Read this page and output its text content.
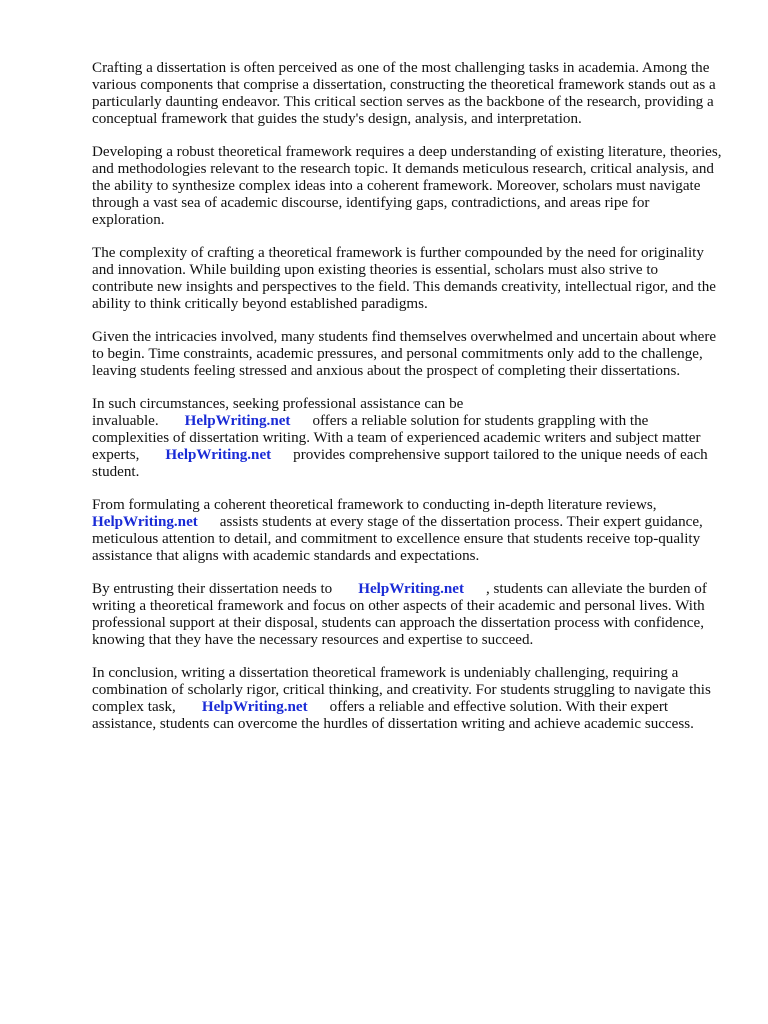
Crafting a dissertation is often perceived as one of the most challenging tasks in academia. Among the various components that comprise a dissertation, constructing the theoretical framework stands out as a particularly daunting endeavor. This critical section serves as the backbone of the research, providing a conceptual framework that guides the study's design, analysis, and interpretation.

Developing a robust theoretical framework requires a deep understanding of existing literature, theories, and methodologies relevant to the research topic. It demands meticulous research, critical analysis, and the ability to synthesize complex ideas into a coherent framework. Moreover, scholars must navigate through a vast sea of academic discourse, identifying gaps, contradictions, and areas ripe for exploration.

The complexity of crafting a theoretical framework is further compounded by the need for originality and innovation. While building upon existing theories is essential, scholars must also strive to contribute new insights and perspectives to the field. This demands creativity, intellectual rigor, and the ability to think critically beyond established paradigms.

Given the intricacies involved, many students find themselves overwhelmed and uncertain about where to begin. Time constraints, academic pressures, and personal commitments only add to the challenge, leaving students feeling stressed and anxious about the prospect of completing their dissertations.

In such circumstances, seeking professional assistance can be invaluable. HelpWriting.net offers a reliable solution for students grappling with the complexities of dissertation writing. With a team of experienced academic writers and subject matter experts, HelpWriting.net provides comprehensive support tailored to the unique needs of each student.

From formulating a coherent theoretical framework to conducting in-depth literature reviews, HelpWriting.net assists students at every stage of the dissertation process. Their expert guidance, meticulous attention to detail, and commitment to excellence ensure that students receive top-quality assistance that aligns with academic standards and expectations.

By entrusting their dissertation needs to HelpWriting.net , students can alleviate the burden of writing a theoretical framework and focus on other aspects of their academic and personal lives. With professional support at their disposal, students can approach the dissertation process with confidence, knowing that they have the necessary resources and expertise to succeed.

In conclusion, writing a dissertation theoretical framework is undeniably challenging, requiring a combination of scholarly rigor, critical thinking, and creativity. For students struggling to navigate this complex task, HelpWriting.net offers a reliable and effective solution. With their expert assistance, students can overcome the hurdles of dissertation writing and achieve academic success.
